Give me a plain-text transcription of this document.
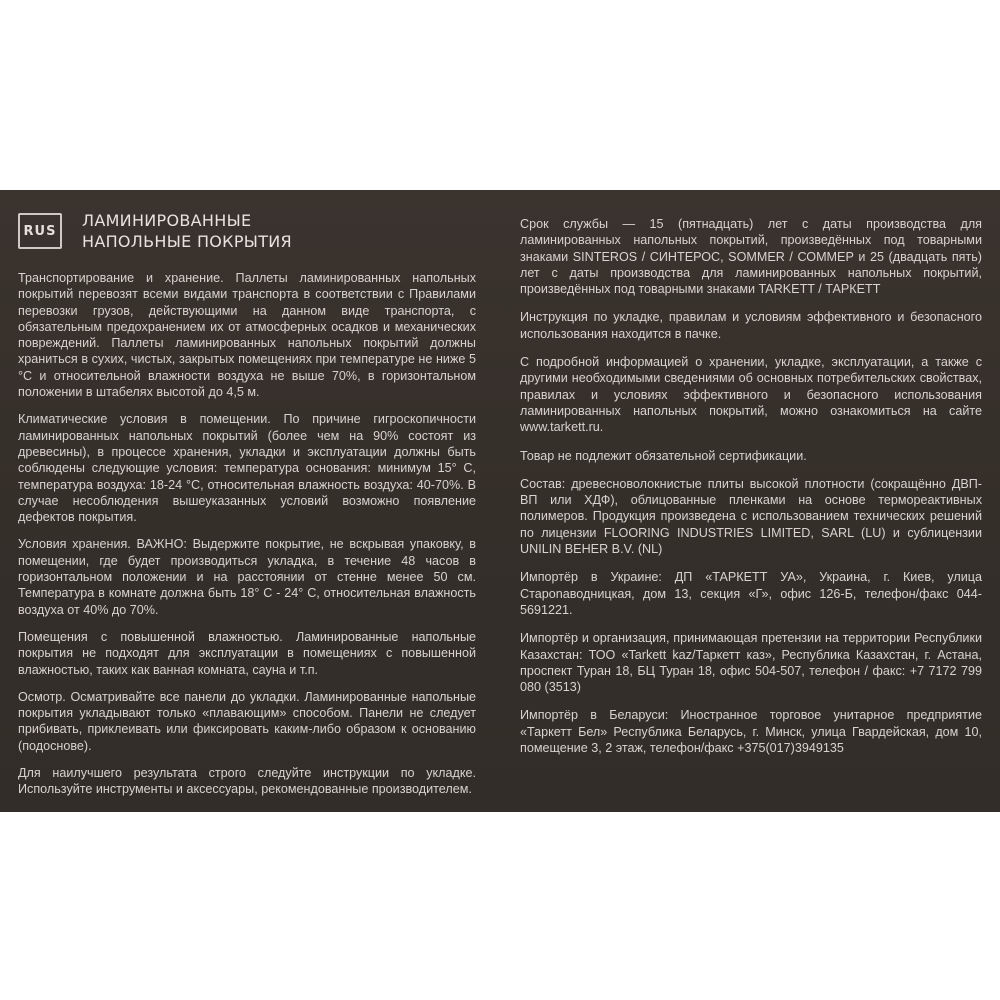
RUS
ЛАМИНИРОВАННЫЕ
НАПОЛЬНЫЕ ПОКРЫТИЯ

Транспортирование и хранение. Паллеты ламинированных напольных покрытий перевозят всеми видами транспорта в соответствии с Правилами перевозки грузов, действующими на данном виде транспорта, с обязательным предохранением их от атмосферных осадков и механических повреждений. Паллеты ламинированных напольных покрытий должны храниться в сухих, чистых, закрытых помещениях при температуре не ниже 5 °С и относительной влажности воздуха не выше 70%, в горизонтальном положении в штабелях высотой до 4,5 м.

Климатические условия в помещении. По причине гигроскопичности ламинированных напольных покрытий (более чем на 90% состоят из древесины), в процессе хранения, укладки и эксплуатации должны быть соблюдены следующие условия: температура основания: минимум 15° С, температура воздуха: 18-24 °С, относительная влажность воздуха: 40-70%. В случае несоблюдения вышеуказанных условий возможно появление дефектов покрытия.

Условия хранения. ВАЖНО: Выдержите покрытие, не вскрывая упаковку, в помещении, где будет производиться укладка, в течение 48 часов в горизонтальном положении и на расстоянии от стенне менее 50 см. Температура в комнате должна быть 18° С - 24° С, относительная влажность воздуха от 40% до 70%.

Помещения с повышенной влажностью. Ламинированные напольные покрытия не подходят для эксплуатации в помещениях с повышенной влажностью, таких как ванная комната, сауна и т.п.

Осмотр. Осматривайте все панели до укладки. Ламинированные напольные покрытия укладывают только «плавающим» способом. Панели не следует прибивать, приклеивать или фиксировать каким-либо образом к основанию (подоснове).

Для наилучшего результата строго следуйте инструкции по укладке. Используйте инструменты и аксессуары, рекомендованные производителем.

Срок службы — 15 (пятнадцать) лет с даты производства для ламинированных напольных покрытий, произведённых под товарными знаками SINTEROS / СИНТЕРОС, SOMMER / СОММЕР и 25 (двадцать пять) лет с даты производства для ламинированных напольных покрытий, произведённых под товарными знаками TARKETT / ТАРКЕТТ

Инструкция по укладке, правилам и условиям эффективного и безопасного использования находится в пачке.

С подробной информацией о хранении, укладке, эксплуатации, а также с другими необходимыми сведениями об основных потребительских свойствах, правилах и условиях эффективного и безопасного использования ламинированных напольных покрытий, можно ознакомиться на сайте www.tarkett.ru.

Товар не подлежит обязательной сертификации.

Состав: древесноволокнистые плиты высокой плотности (сокращённо ДВП-ВП или ХДФ), облицованные пленками на основе термореактивных полимеров. Продукция произведена с использованием технических решений по лицензии FLOORING INDUSTRIES LIMITED, SARL (LU) и сублицензии UNILIN BEHER B.V. (NL)

Импортёр в Украине: ДП «ТАРКЕТТ УА», Украина, г. Киев, улица Староnаводницкая, дом 13, секция «Г», офис 126-Б, телефон/факс 044-5691221.

Импортёр и организация, принимающая претензии на территории Республики Казахстан: ТОО «Tarkett kaz/Таркетт каз», Республика Казахстан, г. Астана, проспект Туран 18, БЦ Туран 18, офис 504-507, телефон / факс: +7 7172 799 080 (3513)

Импортёр в Беларуси: Иностранное торговое унитарное предприятие «Таркетт Бел» Республика Беларусь, г. Минск, улица Гвардейская, дом 10, помещение 3, 2 этаж, телефон/факс +375(017)3949135
